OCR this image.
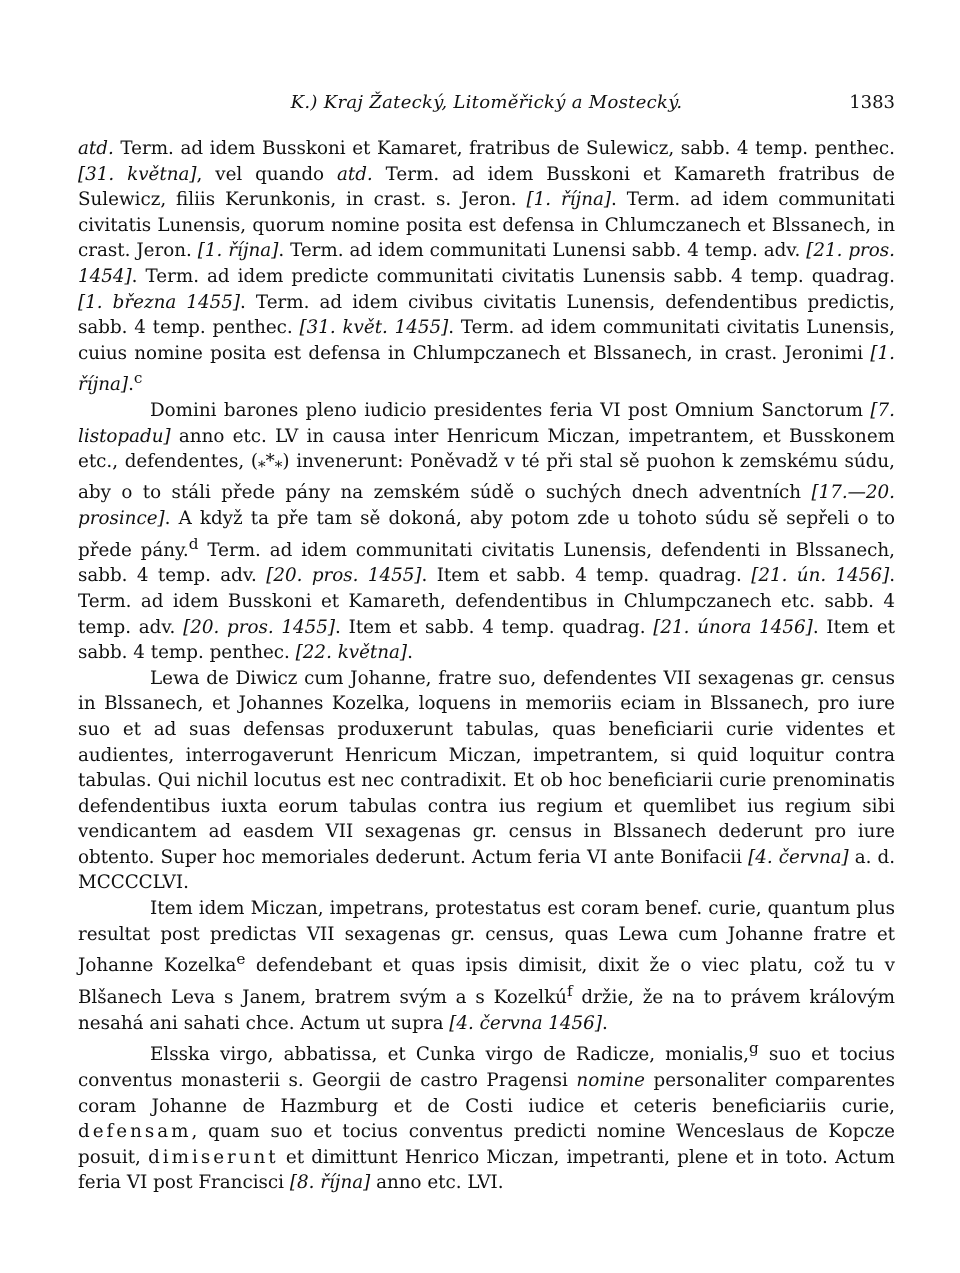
K.) Kraj Žatecký, Litoměřický a Mostecký.	1383

atd. Term. ad idem Busskoni et Kamaret, fratribus de Sulewicz, sabb. 4 temp. penthec. [31. května], vel quando atd. Term. ad idem Busskoni et Kamareth fratribus de Sulewicz, filiis Kerunkonis, in crast. s. Jeron. [1. října]. Term. ad idem communitati civitatis Lunensis, quorum nomine posita est defensa in Chlumczanech et Blssanech, in crast. Jeron. [1. října]. Term. ad idem communitati Lunensi sabb. 4 temp. adv. [21. pros. 1454]. Term. ad idem predicte communitati civitatis Lunensis sabb. 4 temp. quadrag. [1. března 1455]. Term. ad idem civibus civitatis Lunensis, defendentibus predictis, sabb. 4 temp. penthec. [31. květ. 1455]. Term. ad idem communitati civitatis Lunensis, cuius nomine posita est defensa in Chlumpczanech et Blssanech, in crast. Jeronimi [1. října].$^c$

Domini barones pleno iudicio presidentes feria VI post Omnium Sanctorum [7. listopadu] anno etc. LV in causa inter Henricum Miczan, impetrantem, et Busskonem etc., defendentes, $(_**_*)$ invenerunt: Poněvadž v té při stal sě puohon k zemskému súdu, aby o to stáli přede pány na zemském súdě o suchých dnech adventních [17.—20. prosince]. A když ta pře tam sě dokoná, aby potom zde u tohoto súdu sě sepřeli o to přede pány.$^d$ Term. ad idem communitati civitatis Lunensis, defendenti in Blssanech, sabb. 4 temp. adv. [20. pros. 1455]. Item et sabb. 4 temp. quadrag. [21. ún. 1456]. Term. ad idem Busskoni et Kamareth, defendentibus in Chlumpczanech etc. sabb. 4 temp. adv. [20. pros. 1455]. Item et sabb. 4 temp. quadrag. [21. února 1456]. Item et sabb. 4 temp. penthec. [22. května].

Lewa de Diwicz cum Johanne, fratre suo, defendentes VII sexagenas gr. census in Blssanech, et Johannes Kozelka, loquens in memoriis eciam in Blssanech, pro iure suo et ad suas defensas produxerunt tabulas, quas beneficiarii curie videntes et audientes, interrogaverunt Henricum Miczan, impetrantem, si quid loquitur contra tabulas. Qui nichil locutus est nec contradixit. Et ob hoc beneficiarii curie prenominatis defendentibus iuxta eorum tabulas contra ius regium et quemlibet ius regium sibi vendicantem ad easdem VII sexagenas gr. census in Blssanech dederunt pro iure obtento. Super hoc memoriales dederunt. Actum feria VI ante Bonifacii [4. června] a. d. MCCCCLVI.

Item idem Miczan, impetrans, protestatus est coram benef. curie, quantum plus resultat post predictas VII sexagenas gr. census, quas Lewa cum Johanne fratre et Johanne Kozelka$^e$ defendebant et quas ipsis dimisit, dixit že o viec platu, což tu v Blšanech Leva s Janem, bratrem svým a s Kozelkú$^f$ držie, že na to právem královým nesahá ani sahati chce. Actum ut supra [4. června 1456].

Elsska virgo, abbatissa, et Cunka virgo de Radicze, monialis,$^g$ suo et tocius conventus monasterii s. Georgii de castro Pragensi nomine personaliter comparentes coram Johanne de Hazmburg et de Costi iudice et ceteris beneficiariis curie, defensam, quam suo et tocius conventus predicti nomine Wenceslaus de Kopcze posuit, dimiserunt et dimittunt Henrico Miczan, impetranti, plene et in toto. Actum feria VI post Francisci [8. října] anno etc. LVI.
